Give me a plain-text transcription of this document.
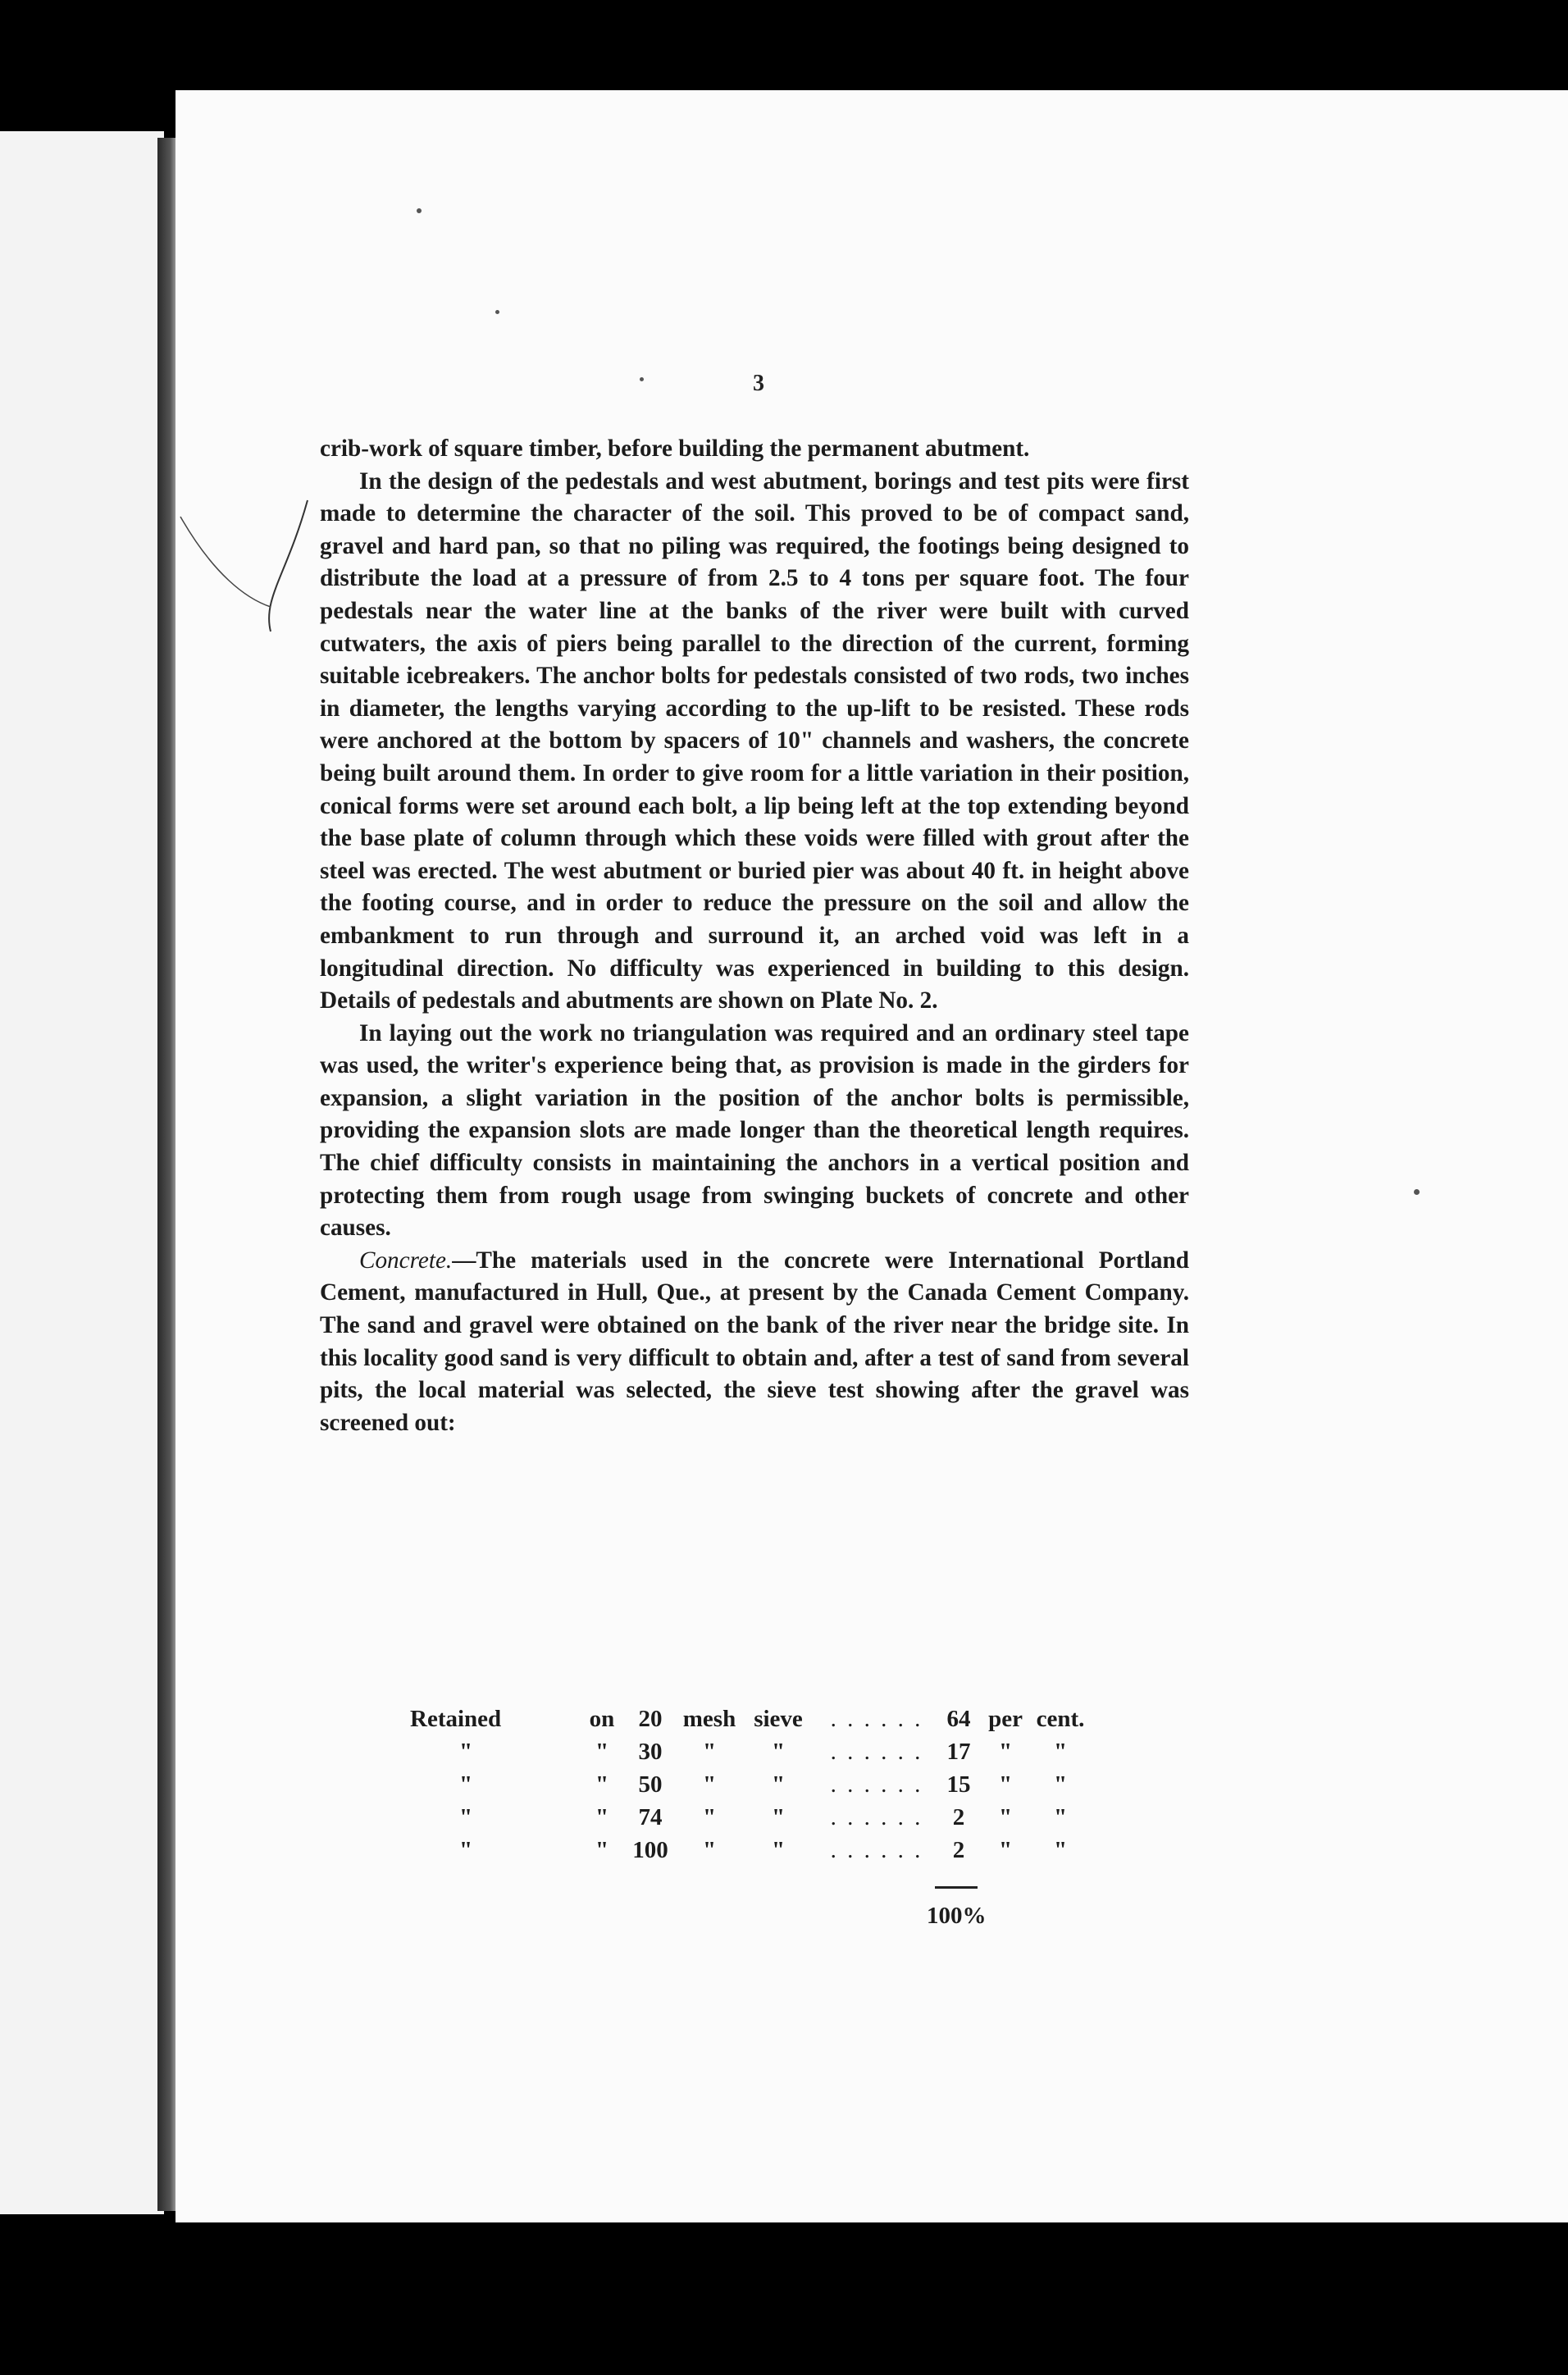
3

crib-work of square timber, before building the permanent abutment.

In the design of the pedestals and west abutment, borings and test pits were first made to determine the character of the soil. This proved to be of compact sand, gravel and hard pan, so that no piling was required, the footings being designed to distribute the load at a pressure of from 2.5 to 4 tons per square foot. The four pedestals near the water line at the banks of the river were built with curved cutwaters, the axis of piers being parallel to the direction of the current, forming suitable icebreakers. The anchor bolts for pedestals consisted of two rods, two inches in diameter, the lengths varying according to the up-lift to be resisted. These rods were anchored at the bottom by spacers of 10" channels and washers, the concrete being built around them. In order to give room for a little variation in their position, conical forms were set around each bolt, a lip being left at the top extending beyond the base plate of column through which these voids were filled with grout after the steel was erected. The west abutment or buried pier was about 40 ft. in height above the footing course, and in order to reduce the pressure on the soil and allow the embankment to run through and surround it, an arched void was left in a longitudinal direction. No difficulty was experienced in building to this design. Details of pedestals and abutments are shown on Plate No. 2.

In laying out the work no triangulation was required and an ordinary steel tape was used, the writer's experience being that, as provision is made in the girders for expansion, a slight variation in the position of the anchor bolts is permissible, providing the expansion slots are made longer than the theoretical length requires. The chief difficulty consists in maintaining the anchors in a vertical position and protecting them from rough usage from swinging buckets of concrete and other causes.

Concrete.—The materials used in the concrete were International Portland Cement, manufactured in Hull, Que., at present by the Canada Cement Company. The sand and gravel were obtained on the bank of the river near the bridge site. In this locality good sand is very difficult to obtain and, after a test of sand from several pits, the local material was selected, the sieve test showing after the gravel was screened out:

Retained	on	20	mesh	sieve	. . . . . .	64	per	cent.
"	"	30	"	"	. . . . . .	17	"	"
"	"	50	"	"	. . . . . .	15	"	"
"	"	74	"	"	. . . . . .	2	"	"
"	"	100	"	"	. . . . . .	2	"	"
100%
